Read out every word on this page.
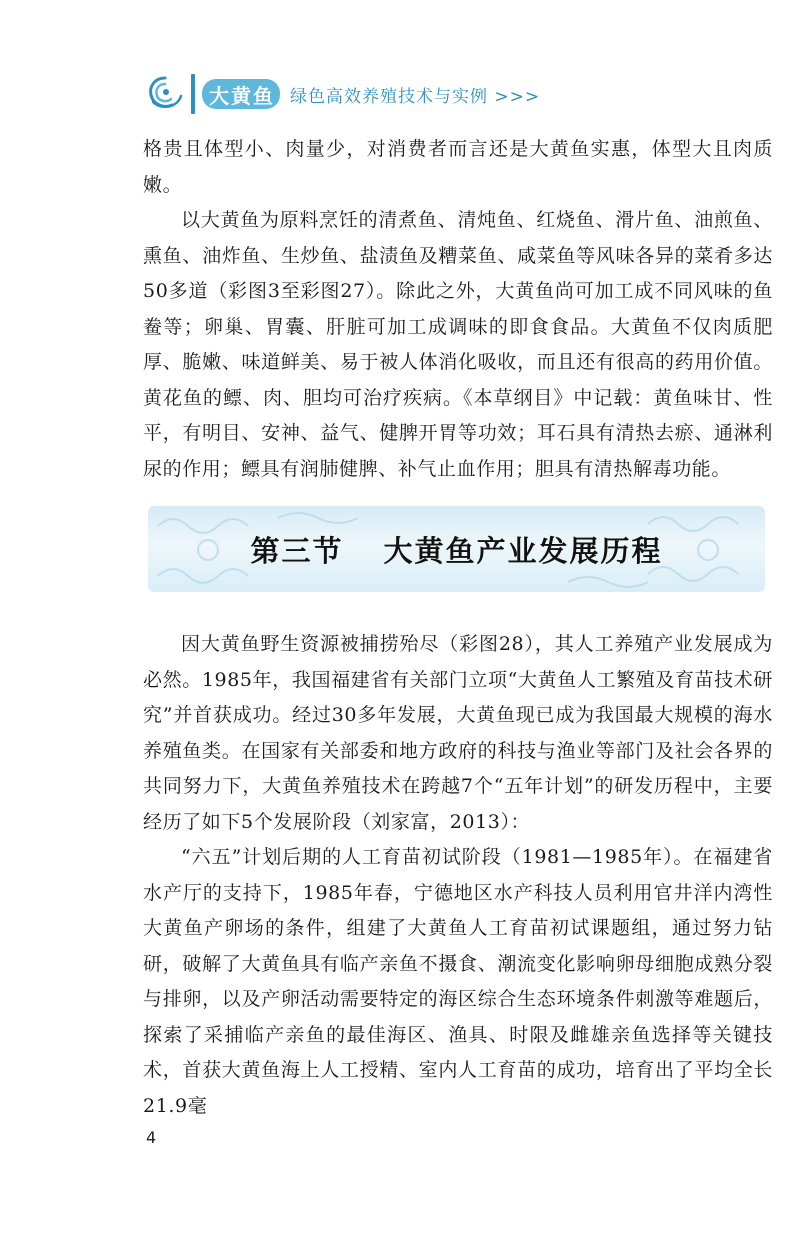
大 黄 鱼 绿色高效养殖技术与实例 >>>

格贵且体型小、肉量少，对消费者而言还是大黄鱼实惠，体型大且肉质嫩。

以大黄鱼为原料烹饪的清煮鱼、清炖鱼、红烧鱼、滑片鱼、油煎鱼、熏鱼、油炸鱼、生炒鱼、盐渍鱼及糟菜鱼、咸菜鱼等风味各异的菜肴多达50多道（彩图3至彩图27）。除此之外，大黄鱼尚可加工成不同风味的鱼鲞等；卵巢、胃囊、肝脏可加工成调味的即食食品。大黄鱼不仅肉质肥厚、脆嫩、味道鲜美、易于被人体消化吸收，而且还有很高的药用价值。黄花鱼的鳔、肉、胆均可治疗疾病。《本草纲目》中记载：黄鱼味甘、性平，有明目、安神、益气、健脾开胃等功效；耳石具有清热去瘀、通淋利尿的作用；鳔具有润肺健脾、补气止血作用；胆具有清热解毒功能。

第三节 大黄鱼产业发展历程

因大黄鱼野生资源被捕捞殆尽（彩图28），其人工养殖产业发展成为必然。1985年，我国福建省有关部门立项“大黄鱼人工繁殖及育苗技术研究”并首获成功。经过30多年发展，大黄鱼现已成为我国最大规模的海水养殖鱼类。在国家有关部委和地方政府的科技与渔业等部门及社会各界的共同努力下，大黄鱼养殖技术在跨越7个“五年计划”的研发历程中，主要经历了如下5个发展阶段（刘家富，2013）：

“六五”计划后期的人工育苗初试阶段（1981—1985年）。在福建省水产厅的支持下，1985年春，宁德地区水产科技人员利用官井洋内湾性大黄鱼产卵场的条件，组建了大黄鱼人工育苗初试课题组，通过努力钻研，破解了大黄鱼具有临产亲鱼不摄食、潮流变化影响卵母细胞成熟分裂与排卵，以及产卵活动需要特定的海区综合生态环境条件刺激等难题后，探索了采捕临产亲鱼的最佳海区、渔具、时限及雌雄亲鱼选择等关键技术，首获大黄鱼海上人工授精、室内人工育苗的成功，培育出了平均全长21.9毫

4
